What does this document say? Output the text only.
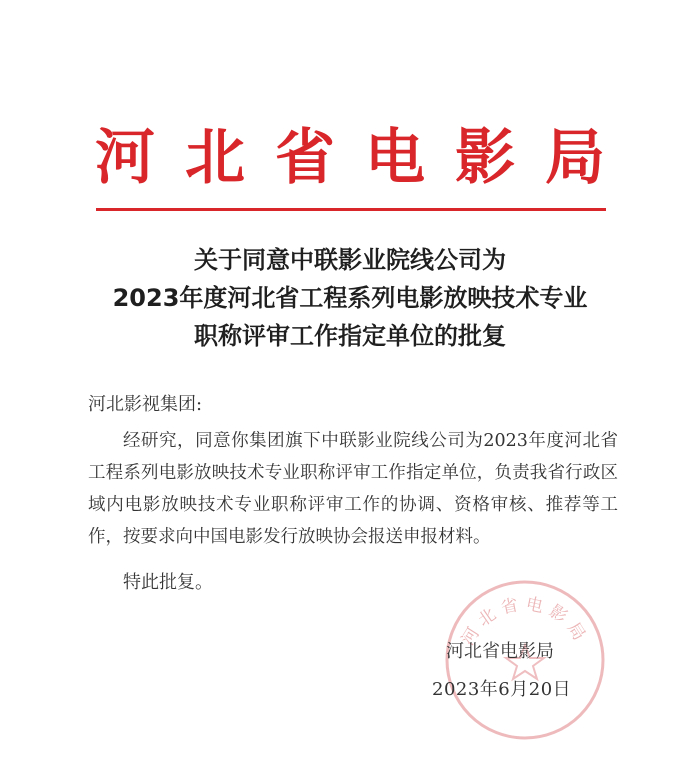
河北省电影局
关于同意中联影业院线公司为
2023年度河北省工程系列电影放映技术专业
职称评审工作指定单位的批复
河北影视集团:

经研究，同意你集团旗下中联影业院线公司为2023年度河北省工程系列电影放映技术专业职称评审工作指定单位，负责我省行政区域内电影放映技术专业职称评审工作的协调、资格审核、推荐等工作，按要求向中国电影发行放映协会报送申报材料。

特此批复。
河北省电影局
河北省电影局
2023年6月20日
